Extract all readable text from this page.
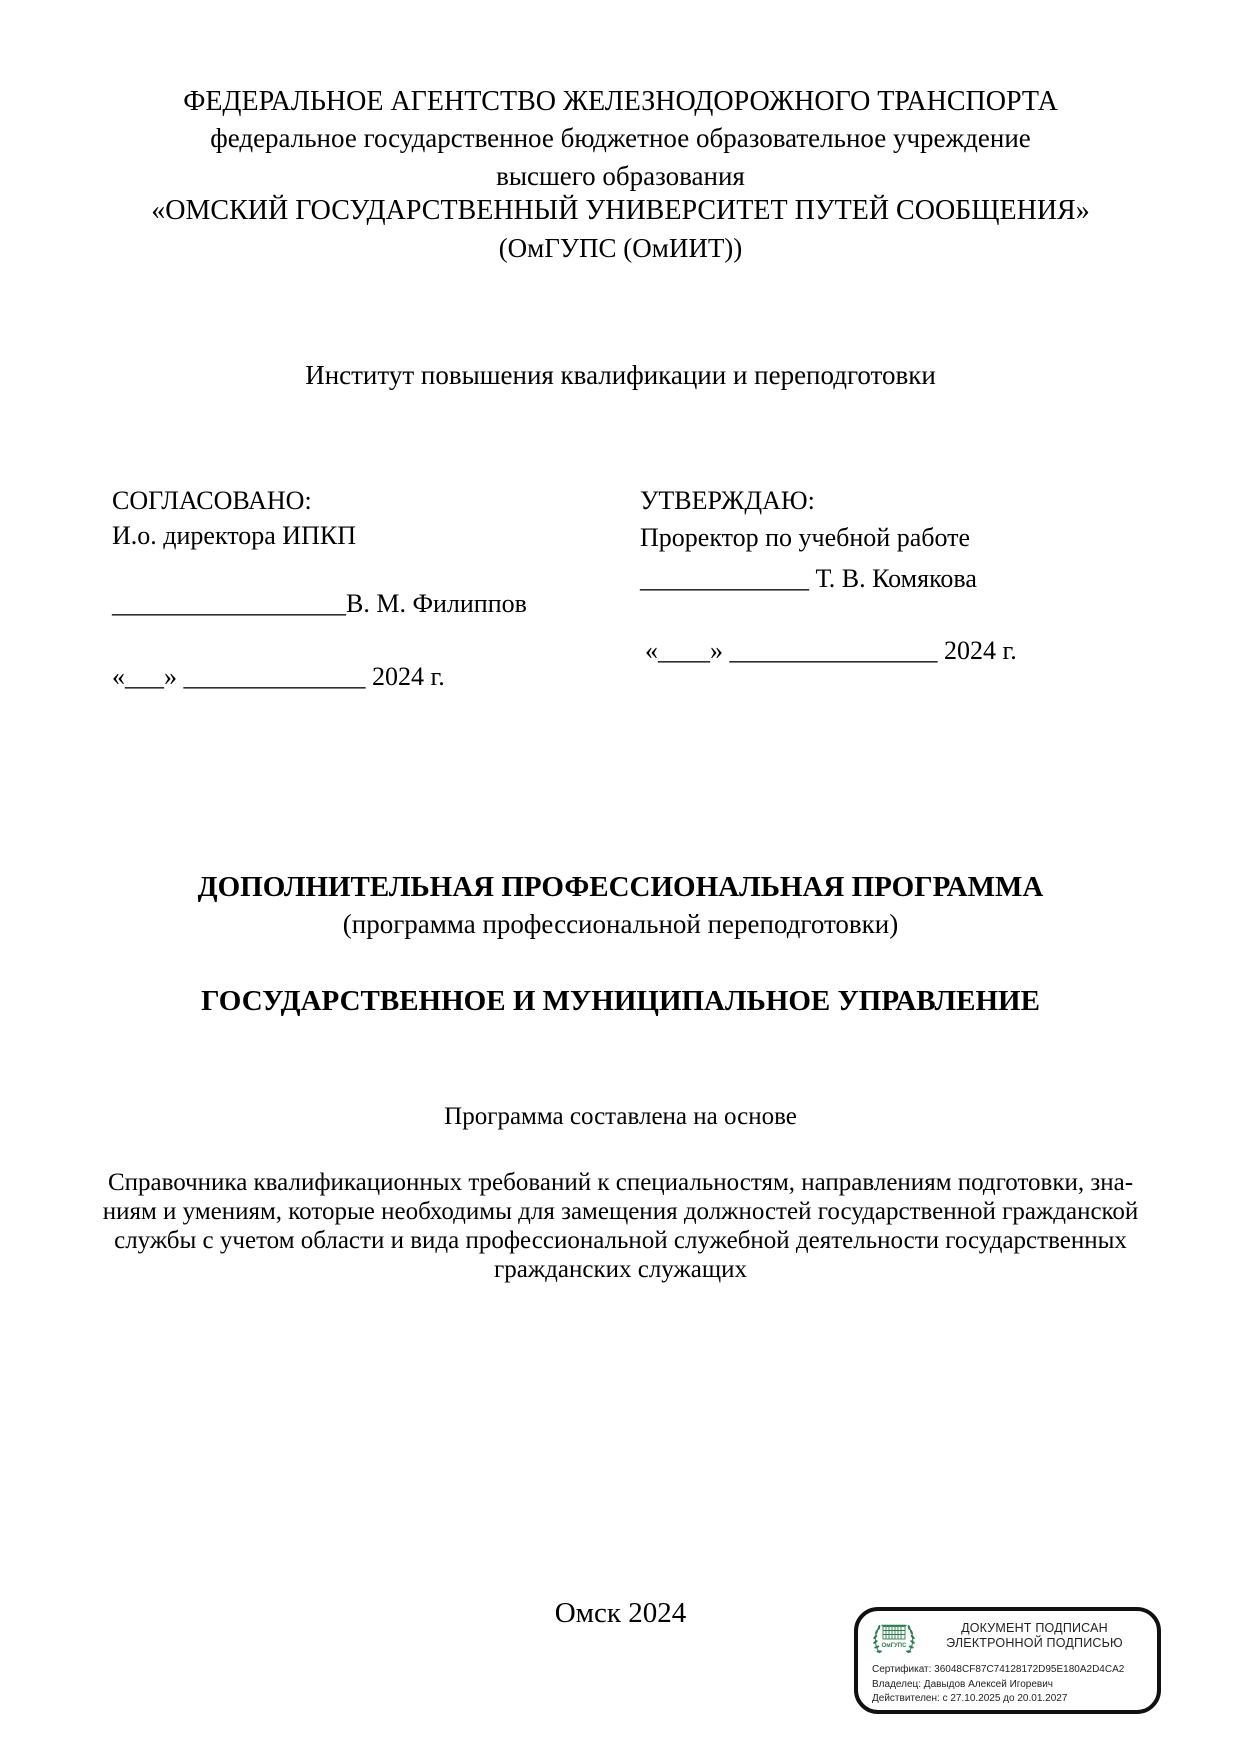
ФЕДЕРАЛЬНОЕ АГЕНТСТВО ЖЕЛЕЗНОДОРОЖНОГО ТРАНСПОРТА
федеральное государственное бюджетное образовательное учреждение
высшего образования
«ОМСКИЙ ГОСУДАРСТВЕННЫЙ УНИВЕРСИТЕТ ПУТЕЙ СООБЩЕНИЯ»
(ОмГУПС (ОмИИТ))
Институт повышения квалификации и переподготовки
СОГЛАСОВАНО:
И.о. директора ИПКП
__________________В. М. Филиппов
«___» ______________ 2024 г.
УТВЕРЖДАЮ:
Проректор по учебной работе
_____________ Т. В. Комякова
«____» ________________ 2024 г.
ДОПОЛНИТЕЛЬНАЯ ПРОФЕССИОНАЛЬНАЯ ПРОГРАММА
(программа профессиональной переподготовки)
ГОСУДАРСТВЕННОЕ И МУНИЦИПАЛЬНОЕ УПРАВЛЕНИЕ
Программа составлена на основе
Справочника квалификационных требований к специальностям, направлениям подготовки, зна-
ниям и умениям, которые необходимы для замещения должностей государственной гражданской
службы с учетом области и вида профессиональной служебной деятельности государственных
гражданских служащих
Омск 2024
ОмГУПС
ДОКУМЕНТ ПОДПИСАН
ЭЛЕКТРОННОЙ ПОДПИСЬЮ
Сертификат: 36048CF87C74128172D95E180A2D4CA2
Владелец: Давыдов Алексей Игоревич
Действителен: с 27.10.2025 до 20.01.2027
